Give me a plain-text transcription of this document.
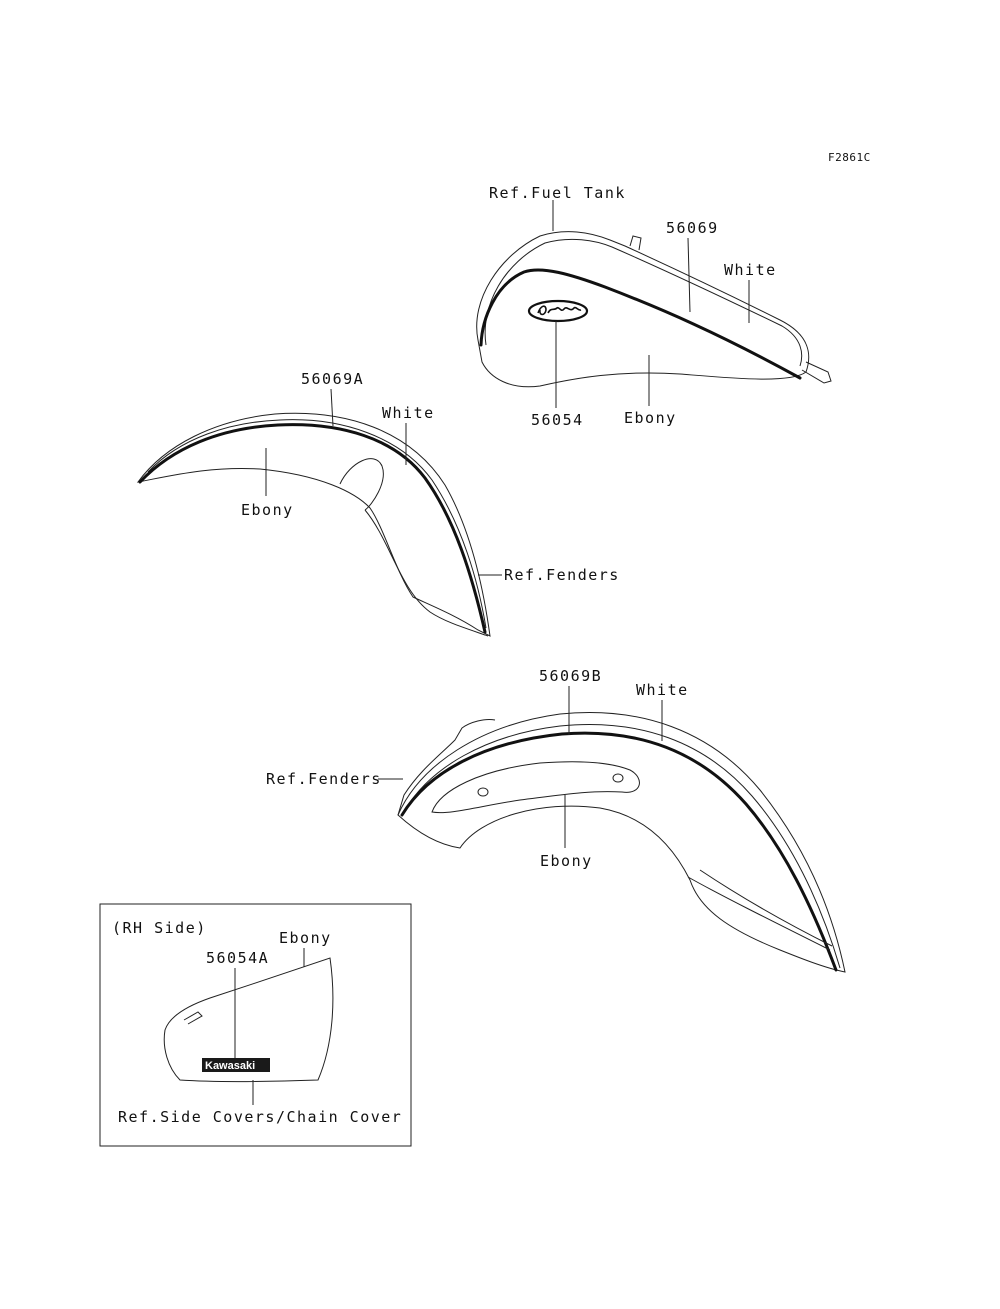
F2861C
Ref.Fuel Tank
56069
White
56054	Ebony
56069A
White
Ebony
Ref.Fenders
56069B
White
Ref.Fenders
Ebony
(RH Side)
Ebony
56054A
Kawasaki
Ref.Side Covers/Chain Cover
